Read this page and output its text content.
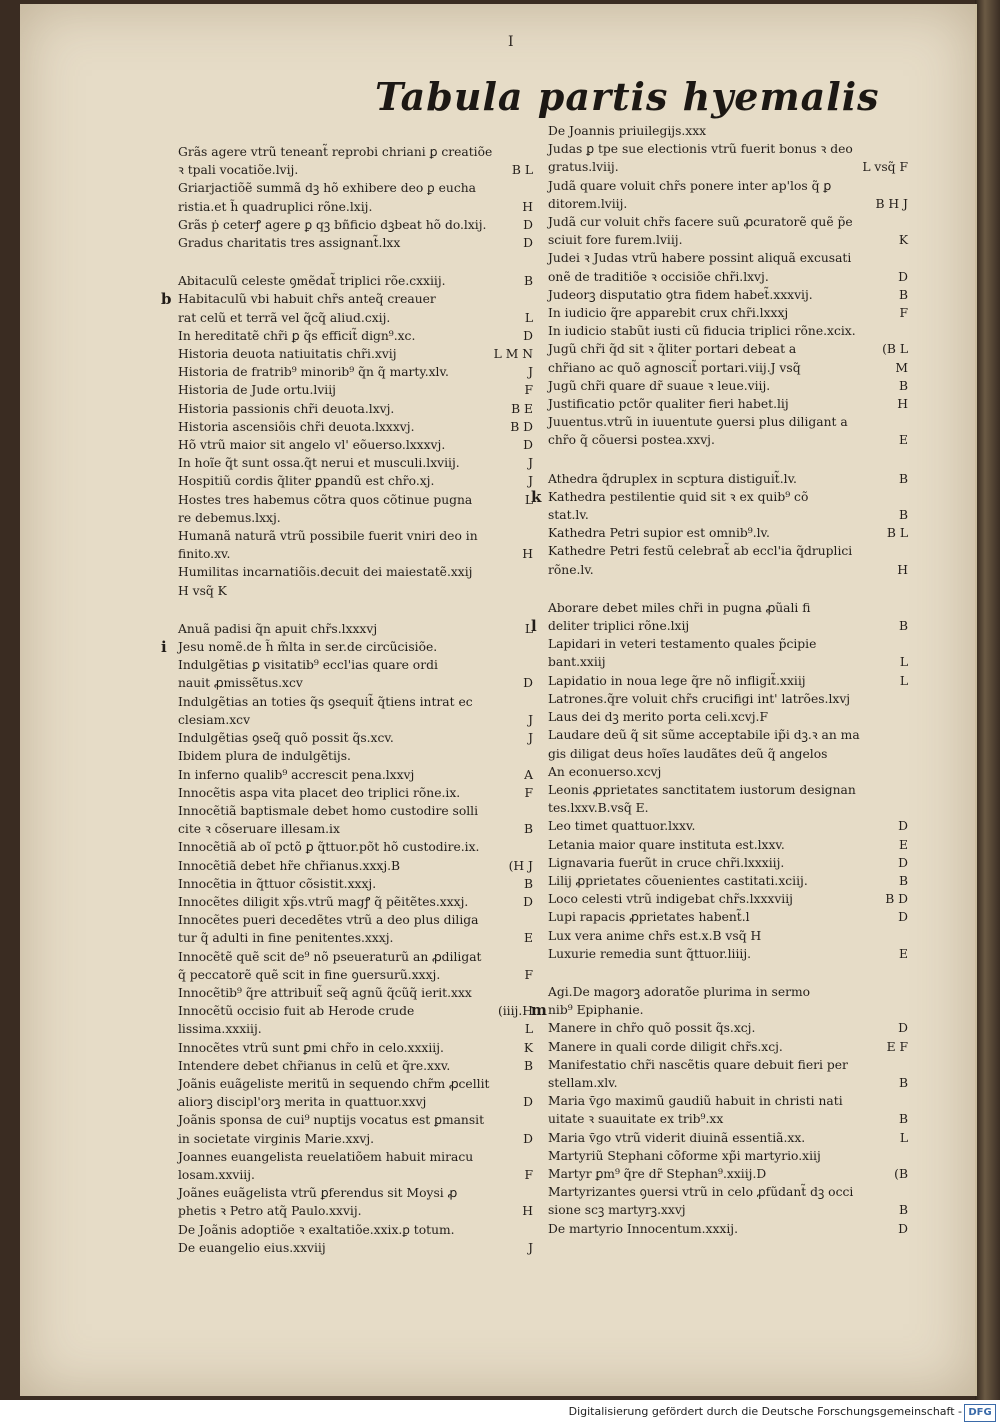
I
Tabula partis hyemalis
Grãs agere vtrũ teneant̃ reprobi chriani ꝑ creatiõe
ꝛ tpali vocatiõe.lvij.	B L
Griarjactiõẽ summã dꝫ hõ exhibere deo ꝑ eucha
ristia.et h̃ quadruplici rõne.lxij.	H
Grãs ṗ ceterꝭ agere ꝑ qꝫ bñficio dꝫbeat hõ do.lxij.	D
Gradus charitatis tres assignant̃.lxx	D
b
Abitaculũ celeste ꝯmẽdat̃ triplici rõe.cxxiij.	B
Habitaculũ vbi habuit chr̃s anteq̃ creauer
rat celũ et terrã vel q̃cq̃ aliud.cxij.	L
In hereditatẽ chr̃i ꝑ q̃s efficit̃ dign⁹.xc.	D
Historia deuota natiuitatis chr̃i.xvij	L M N
Historia de fratrib⁹ minorib⁹ q̃n q̃ marty.xlv.	J
Historia de Jude ortu.lviij	F
Historia passionis chr̃i deuota.lxvj.	B E
Historia ascensiõis chr̃i deuota.lxxxvj.	B D
Hõ vtrũ maior sit angelo vl' eõuerso.lxxxvj.	D
In hoĩe q̃t sunt ossa.q̃t nerui et musculi.lxviij.	J
Hospitiũ cordis q̃liter ꝑpandũ est chr̃o.xj.	J
Hostes tres habemus cõtra quos cõtinue pugna	L
re debemus.lxxj.
Humanã naturã vtrũ possibile fuerit vniri deo in
finito.xv.	H
Humilitas incarnatiõis.decuit dei maiestatẽ.xxij
H vsq̃ K
i
Anuã padisi q̃n apuit chr̃s.lxxxvj	L
Jesu nomẽ.de h̃ m̃lta in ser.de circũcisiõe.
Indulgẽtias ꝑ visitatib⁹ eccl'ias quare ordi
nauit ꝓmissẽtus.xcv	D
Indulgẽtias an toties q̃s ꝯsequit̃ q̃tiens intrat ec
clesiam.xcv	J
Indulgẽtias ꝯseq̃ quõ possit q̃s.xcv.	J
Ibidem plura de indulgẽtijs.
In inferno qualib⁹ accrescit pena.lxxvj	A
Innocẽtis aspa vita placet deo triplici rõne.ix.	F
Innocẽtiã baptismale debet homo custodire solli
cite ꝛ cõseruare illesam.ix	B
Innocẽtiã ab oĩ pctõ ꝑ q̃ttuor.põt hõ custodire.ix.
Innocẽtiã debet hr̃e chr̃ianus.xxxj.B	(H J
Innocẽtia in q̃ttuor cõsistit.xxxj.	B
Innocẽtes diligit xp̃s.vtrũ magꝭ q̃ pẽitẽtes.xxxj.	D
Innocẽtes pueri decedẽtes vtrũ a deo plus diliga
tur q̃ adulti in fine penitentes.xxxj.	E
Innocẽtẽ quẽ scit de⁹ nõ pseueraturũ an ꝓdiligat
q̃ peccatorẽ quẽ scit in fine ꝯuersurũ.xxxj.	F
Innocẽtib⁹ q̃re attribuit̃ seq̃ agnũ q̃cũq̃ ierit.xxx
Innocẽtũ occisio fuit ab Herode crude	(iiij.H
lissima.xxxiij.	L
Innocẽtes vtrũ sunt ꝑmi chr̃o in celo.xxxiij.	K
Intendere debet chr̃ianus in celũ et q̃re.xxv.	B
Joãnis euãgeliste meritũ in sequendo chr̃m ꝓcellit
aliorꝫ discipl'orꝫ merita in quattuor.xxvj	D
Joãnis sponsa de cui⁹ nuptijs vocatus est ꝑmansit
in societate virginis Marie.xxvj.	D
Joannes euangelista reuelatiõem habuit miracu
losam.xxviij.	F
Joãnes euãgelista vtrũ ꝑferendus sit Moysi ꝓ
phetis ꝛ Petro atq̃ Paulo.xxvij.	H
De Joãnis adoptiõe ꝛ exaltatiõe.xxix.ꝑ totum.
De euangelio eius.xxviij	J
De Joannis priuilegijs.xxx
Judas ꝑ tpe sue electionis vtrũ fuerit bonus ꝛ deo
gratus.lviij.	L vsq̃ F
Judã quare voluit chr̃s ponere inter ap'los q̃ ꝑ
ditorem.lviij.	B H J
Judã cur voluit chr̃s facere suũ ꝓcuratorẽ quẽ p̃e
sciuit fore furem.lviij.	K
Judei ꝛ Judas vtrũ habere possint aliquã excusati
onẽ de traditiõe ꝛ occisiõe chr̃i.lxvj.	D
Judeorꝫ disputatio ꝯtra fidem habet̃.xxxvij.	B
In iudicio q̃re apparebit crux chr̃i.lxxxj	F
In iudicio stabũt iusti cũ fiducia triplici rõne.xcix.
Jugũ chr̃i q̃d sit ꝛ q̃liter portari debeat a	(B L
chr̃iano ac quõ agnoscit̃ portari.viij.J vsq̃	M
Jugũ chr̃i quare dr̃ suaue ꝛ leue.viij.	B
Justificatio pctõr qualiter fieri habet.lij	H
Juuentus.vtrũ in iuuentute ꝯuersi plus diligant a
chr̃o q̃ cõuersi postea.xxvj.	E
k
Athedra q̃druplex in scptura distiguit̃.lv.	B
Kathedra pestilentie quid sit ꝛ ex quib⁹ cõ
stat.lv.	B
Kathedra Petri supior est omnib⁹.lv.	B L
Kathedre Petri festũ celebrat̃ ab eccl'ia q̃druplici
rõne.lv.	H
l
Aborare debet miles chr̃i in pugna ꝓũali fi
deliter triplici rõne.lxij	B
Lapidari in veteri testamento quales p̃cipie
bant.xxiij	L
Lapidatio in noua lege q̃re nõ infligit̃.xxiij	L
Latrones.q̃re voluit chr̃s crucifigi int' latrões.lxvj
Laus dei dꝫ merito porta celi.xcvj.F
Laudare deũ q̃ sit sũme acceptabile ip̃i dꝫ.ꝛ an ma
gis diligat deus hoĩes laudãtes deũ q̃ angelos
An econuerso.xcvj
Leonis ꝓprietates sanctitatem iustorum designan
tes.lxxv.B.vsq̃ E.
Leo timet quattuor.lxxv.	D
Letania maior quare instituta est.lxxv.	E
Lignavaria fuerũt in cruce chr̃i.lxxxiij.	D
Lilij ꝓprietates cõuenientes castitati.xciij.	B
Loco celesti vtrũ indigebat chr̃s.lxxxviij	B D
Lupi rapacis ꝓprietates habent̃.l	D
Lux vera anime chr̃s est.x.B vsq̃ H
Luxurie remedia sunt q̃ttuor.liiij.	E
m
Agi.De magorꝫ adoratõe plurima in sermo
nib⁹ Epiphanie.
Manere in chr̃o quõ possit q̃s.xcj.	D
Manere in quali corde diligit chr̃s.xcj.	E F
Manifestatio chr̃i nascẽtis quare debuit fieri per
stellam.xlv.	B
Maria v̄go maximũ gaudiũ habuit in christi nati
uitate ꝛ suauitate ex trib⁹.xx	B
Maria v̄go vtrũ viderit diuinã essentiã.xx.	L
Martyriũ Stephani cõforme xp̃i martyrio.xiij
Martyr ꝑm⁹ q̃re dr̃ Stephan⁹.xxiij.D	(B
Martyrizantes ꝯuersi vtrũ in celo ꝓfũdant̃ dꝫ occi
sione scꝫ martyrꝫ.xxvj	B
De martyrio Innocentum.xxxij.	D
Digitalisierung gefördert durch die Deutsche Forschungsgemeinschaft - DFG
